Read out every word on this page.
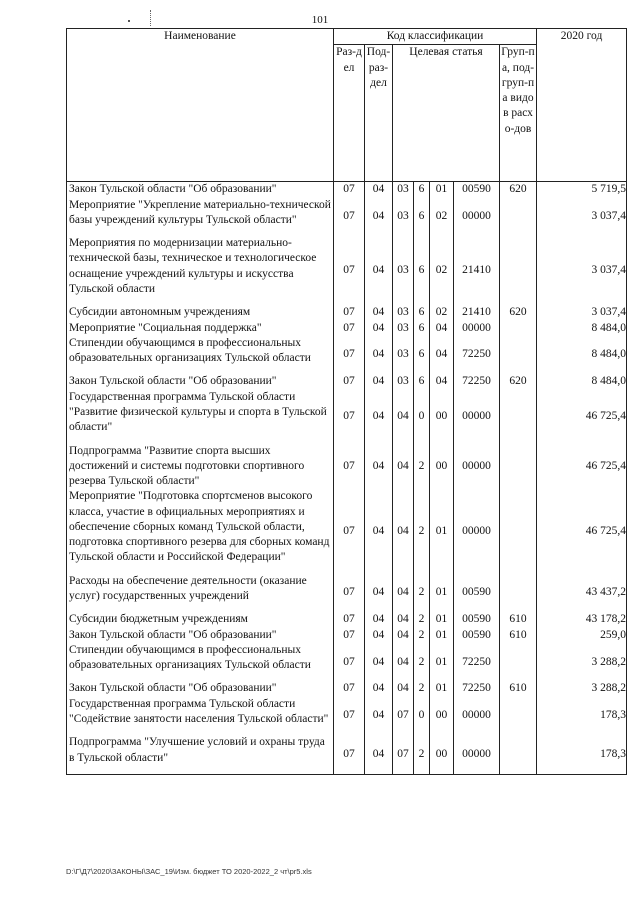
101
Наименование	Код классификации							2020 год
	Раз-дел	Под-раз-дел	Целевая статья				Груп-па, под-груп-па видов расхо-дов	
Закон Тульской области "Об образовании"	07	04	03	6	01	00590	620	5 719,5
Мероприятие "Укрепление материально-технической базы учреждений культуры Тульской области"	07	04	03	6	02	00000		3 037,4
Мероприятия по модернизации материально-технической базы, техническое и технологическое оснащение учреждений культуры и искусства Тульской области	07	04	03	6	02	21410		3 037,4
Субсидии автономным учреждениям	07	04	03	6	02	21410	620	3 037,4
Мероприятие "Социальная поддержка"	07	04	03	6	04	00000		8 484,0
Стипендии обучающимся в профессиональных образовательных организациях Тульской области	07	04	03	6	04	72250		8 484,0
Закон Тульской области "Об образовании"	07	04	03	6	04	72250	620	8 484,0
Государственная программа Тульской области "Развитие физической культуры и спорта в Тульской области"	07	04	04	0	00	00000		46 725,4
Подпрограмма "Развитие спорта высших достижений и системы подготовки спортивного резерва Тульской области"	07	04	04	2	00	00000		46 725,4
Мероприятие "Подготовка спортсменов высокого класса, участие в официальных мероприятиях и обеспечение сборных команд Тульской области, подготовка спортивного резерва для сборных команд Тульской области и Российской Федерации"	07	04	04	2	01	00000		46 725,4
Расходы на обеспечение деятельности (оказание услуг) государственных учреждений	07	04	04	2	01	00590		43 437,2
Субсидии бюджетным учреждениям	07	04	04	2	01	00590	610	43 178,2
Закон Тульской области "Об образовании"	07	04	04	2	01	00590	610	259,0
Стипендии обучающимся в профессиональных образовательных организациях Тульской области	07	04	04	2	01	72250		3 288,2
Закон Тульской области "Об образовании"	07	04	04	2	01	72250	610	3 288,2
Государственная программа Тульской области "Содействие занятости населения Тульской области"	07	04	07	0	00	00000		178,3
Подпрограмма "Улучшение условий и охраны труда в Тульской области"	07	04	07	2	00	00000		178,3
D:\Г\Д7\2020\ЗАКОНЫ\ЗАС_19\Изм. бюджет ТО 2020-2022_2 чт\pr5.xls
